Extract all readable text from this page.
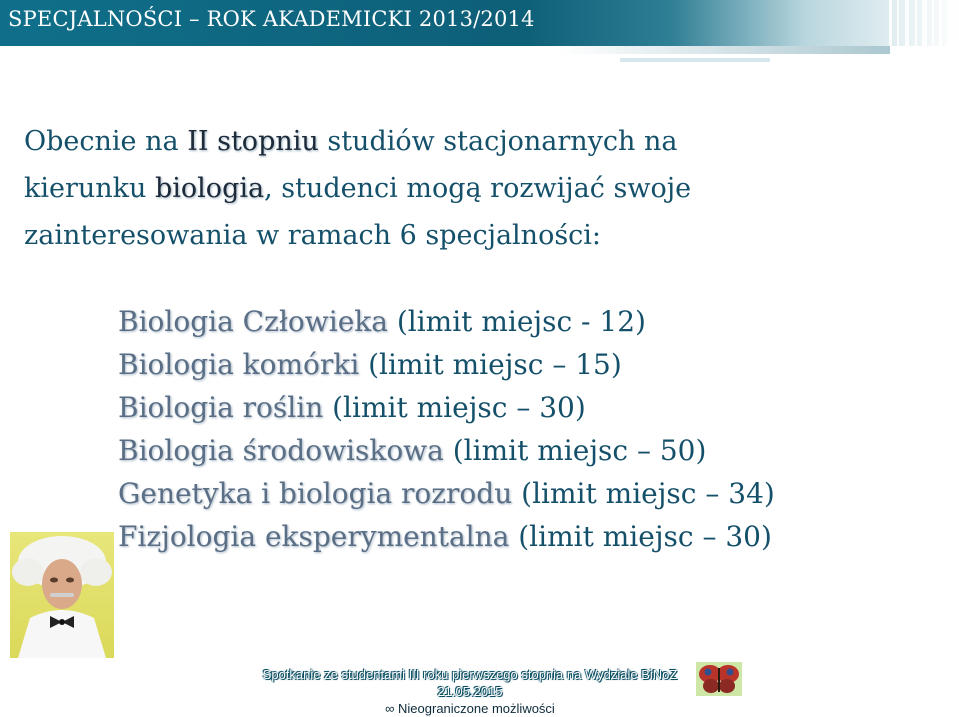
SPECJALNOŚCI – ROK AKADEMICKI 2013/2014
Obecnie na II stopniu studiów stacjonarnych na
kierunku biologia, studenci mogą rozwijać swoje
zainteresowania w ramach 6 specjalności:
Biologia Człowieka (limit miejsc - 12)
Biologia komórki (limit miejsc – 15)
Biologia roślin (limit miejsc – 30)
Biologia środowiskowa (limit miejsc – 50)
Genetyka i biologia rozrodu (limit miejsc – 34)
Fizjologia eksperymentalna (limit miejsc – 30)
Spotkanie ze studentami III roku pierwszego stopnia na Wydziale BiNoZ
21.05.2015
∞ Nieograniczone możliwości
